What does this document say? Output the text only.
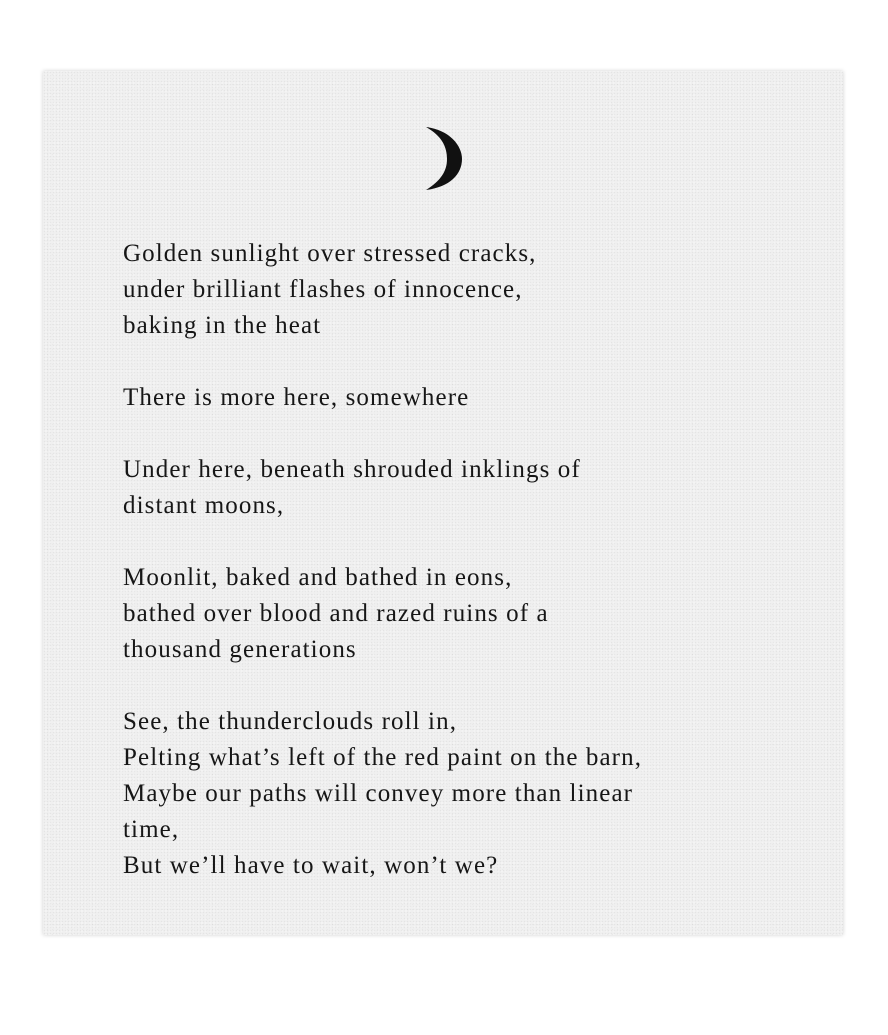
Golden sunlight over stressed cracks,
under brilliant flashes of innocence,
baking in the heat
There is more here, somewhere
Under here, beneath shrouded inklings of
distant moons,
Moonlit, baked and bathed in eons,
bathed over blood and razed ruins of a
thousand generations
See, the thunderclouds roll in,
Pelting what’s left of the red paint on the barn,
Maybe our paths will convey more than linear
time,
But we’ll have to wait, won’t we?
